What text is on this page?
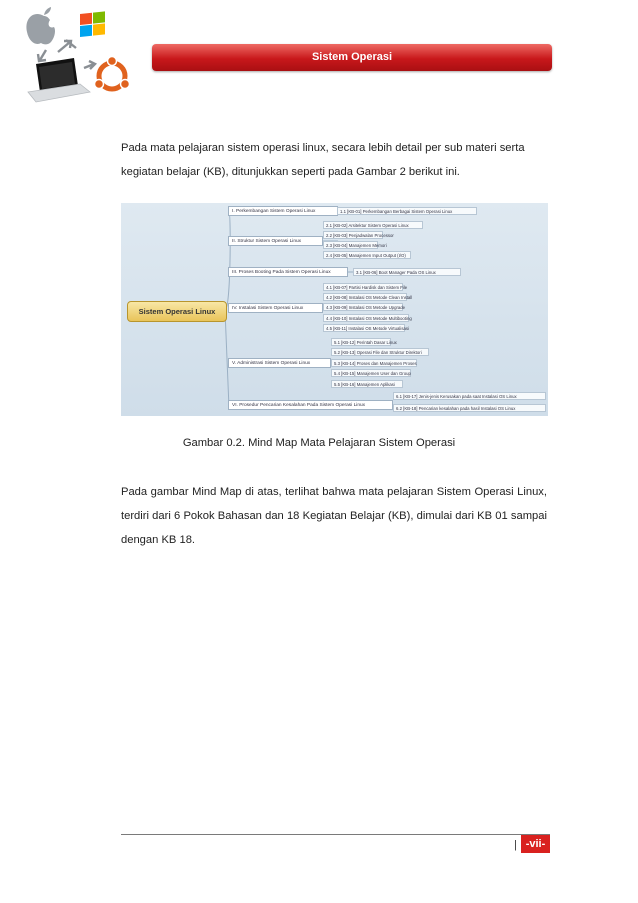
Sistem Operasi

Pada mata pelajaran sistem operasi linux, secara lebih detail per sub materi serta kegiatan belajar (KB), ditunjukkan seperti pada Gambar 2 berikut ini.

Sistem Operasi Linux
I. Perkembangan Sistem Operasi Linux	1.1 [KB-01] Perkembangan Berbagai Sistem Operasi Linux
II. Struktur Sistem Operasi Linux
2.1 [KB-02] Arsitektur Sistem Operasi Linux
2.2 [KB-03] Penjadwalan Processor
2.3 [KB-04] Manajemen Memori
2.4 [KB-05] Manajemen Input Output (I/O)
III. Proses Booting Pada Sistem Operasi Linux	3.1 [KB-06] Boot Manager Pada OS Linux
IV. Instalasi Sistem Operasi Linux
4.1 [KB-07] Partisi Hardisk dan Sistem File
4.2 [KB-08] Instalasi OS Metode Clean Install
4.3 [KB-09] Instalasi OS Metode Upgrade
4.4 [KB-10] Instalasi OS Metode Multibooting
4.5 [KB-11] Instalasi OS Metode Virtualisasi
V. Administrasi Sistem Operasi Linux
5.1 [KB-12] Perintah Dasar Linux
5.2 [KB-13] Operasi File dan Struktur Direktori
5.3 [KB-14] Proses dan Manajemen Proses
5.4 [KB-15] Manajemen User dan Group
5.5 [KB-16] Manajemen Aplikasi
VI. Prosedur Pencarian Kesalahan Pada Sistem Operasi Linux
6.1 [KB-17] Jenis-jenis Kerusakan pada saat Instalasi OS Linux
6.2 [KB-18] Pencarian kesalahan pada hasil Instalasi OS Linux
Gambar 0.2. Mind Map Mata Pelajaran Sistem Operasi

Pada gambar Mind Map di atas, terlihat bahwa mata pelajaran Sistem Operasi Linux, terdiri dari 6 Pokok Bahasan dan 18 Kegiatan Belajar (KB), dimulai dari KB 01 sampai dengan KB 18.

| -vii-
